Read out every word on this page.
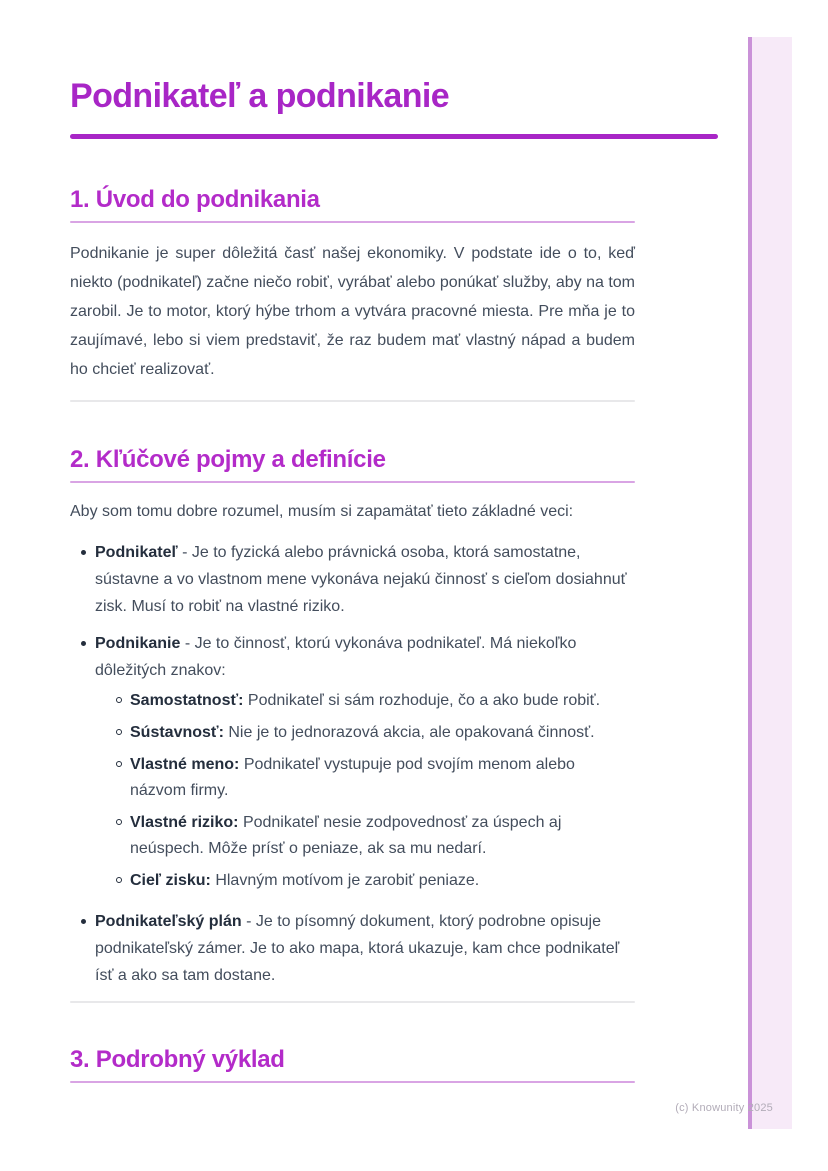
Podnikateľ a podnikanie
1. Úvod do podnikania

Podnikanie je super dôležitá časť našej ekonomiky. V podstate ide o to, keď niekto (podnikateľ) začne niečo robiť, vyrábať alebo ponúkať služby, aby na tom zarobil. Je to motor, ktorý hýbe trhom a vytvára pracovné miesta. Pre mňa je to zaujímavé, lebo si viem predstaviť, že raz budem mať vlastný nápad a budem ho chcieť realizovať.

2. Kľúčové pojmy a definície

Aby som tomu dobre rozumel, musím si zapamätať tieto základné veci:

Podnikateľ - Je to fyzická alebo právnická osoba, ktorá samostatne, sústavne a vo vlastnom mene vykonáva nejakú činnosť s cieľom dosiahnuť zisk. Musí to robiť na vlastné riziko.
Podnikanie - Je to činnosť, ktorú vykonáva podnikateľ. Má niekoľko dôležitých znakov:
Samostatnosť: Podnikateľ si sám rozhoduje, čo a ako bude robiť.
Sústavnosť: Nie je to jednorazová akcia, ale opakovaná činnosť.
Vlastné meno: Podnikateľ vystupuje pod svojím menom alebo názvom firmy.
Vlastné riziko: Podnikateľ nesie zodpovednosť za úspech aj neúspech. Môže prísť o peniaze, ak sa mu nedarí.
Cieľ zisku: Hlavným motívom je zarobiť peniaze.
Podnikateľský plán - Je to písomný dokument, ktorý podrobne opisuje podnikateľský zámer. Je to ako mapa, ktorá ukazuje, kam chce podnikateľ ísť a ako sa tam dostane.
3. Podrobný výklad
(c) Knowunity 2025
